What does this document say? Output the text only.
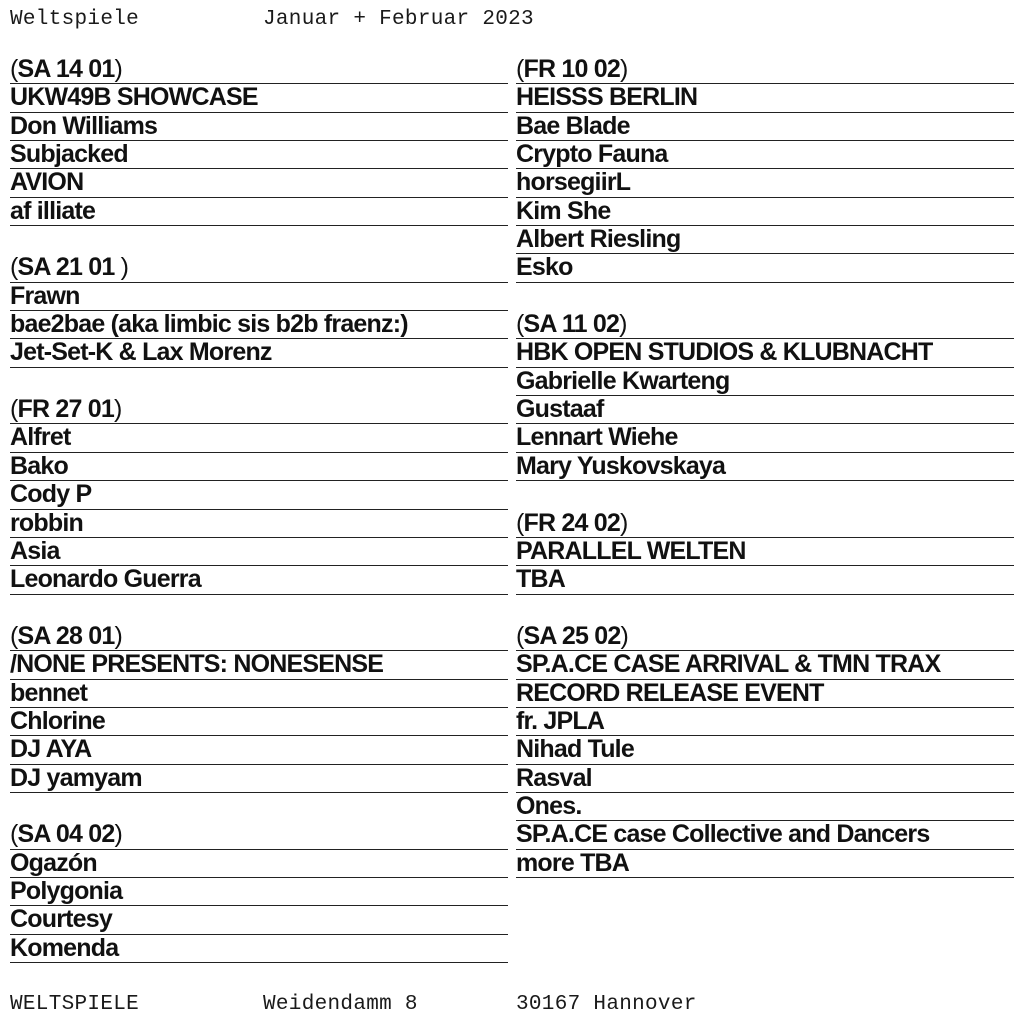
Weltspiele	Januar + Februar 2023
(SA 14 01)
UKW49B SHOWCASE
Don Williams
Subjacked
AVION
af illiate
(SA 21 01 )
Frawn
bae2bae (aka limbic sis b2b fraenz:)
Jet-Set-K & Lax Morenz
(FR 27 01)
Alfret
Bako
Cody P
robbin
Asia
Leonardo Guerra
(SA 28 01)
/NONE PRESENTS: NONESENSE
bennet
Chlorine
DJ AYA
DJ yamyam
(SA 04 02)
Ogazón
Polygonia
Courtesy
Komenda
(FR 10 02)
HEISSS BERLIN
Bae Blade
Crypto Fauna
horsegiirL
Kim She
Albert Riesling
Esko
(SA 11 02)
HBK OPEN STUDIOS & KLUBNACHT
Gabrielle Kwarteng
Gustaaf
Lennart Wiehe
Mary Yuskovskaya
(FR 24 02)
PARALLEL WELTEN
TBA
(SA 25 02)
SP.A.CE CASE ARRIVAL & TMN TRAX
RECORD RELEASE EVENT
fr. JPLA
Nihad Tule
Rasval
Ones.
SP.A.CE case Collective and Dancers
more TBA
WELTSPIELE	Weidendamm 8	30167 Hannover
